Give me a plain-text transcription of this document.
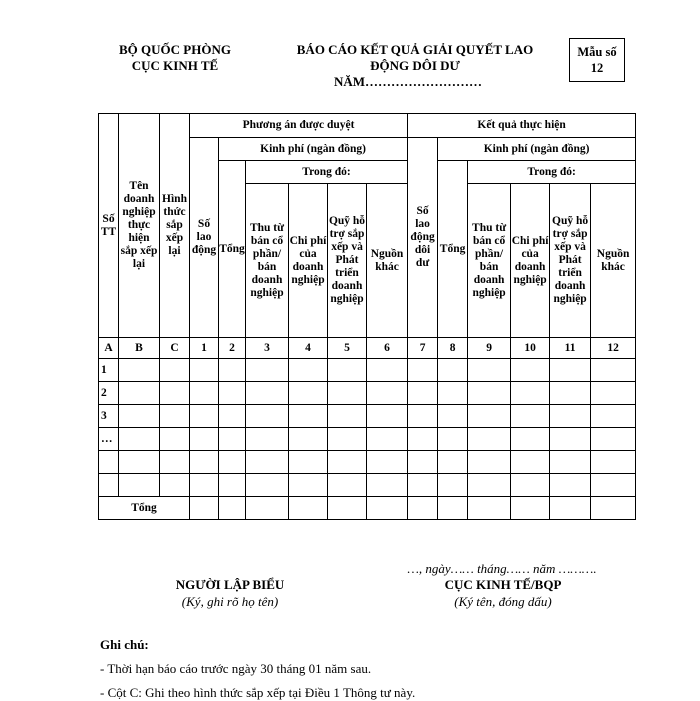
BỘ QUỐC PHÒNG
CỤC KINH TẾ
BÁO CÁO KẾT QUẢ GIẢI QUYẾT LAO
ĐỘNG DÔI DƯ
NĂM………………………
Mẫu số
12
Số TT	Tên doanh nghiệp thực hiện sắp xếp lại	Hình thức sắp xếp lại	Phương án được duyệt						Kết quả thực hiện					
			Số lao động	Kinh phí (ngàn đồng)					Số lao động dôi dư	Kinh phí (ngàn đồng)				
				Tổng	Trong đó:					Tổng	Trong đó:			
					Thu từ bán cổ phần/ bán doanh nghiệp	Chi phí của doanh nghiệp	Quỹ hỗ trợ sắp xếp và Phát triển doanh nghiệp	Nguồn khác			Thu từ bán cổ phần/ bán doanh nghiệp	Chi phí của doanh nghiệp	Quỹ hỗ trợ sắp xếp và Phát triển doanh nghiệp	Nguồn khác

A	B	C	1	2	3	4	5	6	7	8	9	10	11	12
1														
2														
3														
…														

Tổng														
…, ngày…… tháng…… năm ……….
NGƯỜI LẬP BIỂU
(Ký, ghi rõ họ tên)
CỤC KINH TẾ/BQP
(Ký tên, đóng dấu)
Ghi chú:
- Thời hạn báo cáo trước ngày 30 tháng 01 năm sau.
- Cột C: Ghi theo hình thức sắp xếp tại Điều 1 Thông tư này.
